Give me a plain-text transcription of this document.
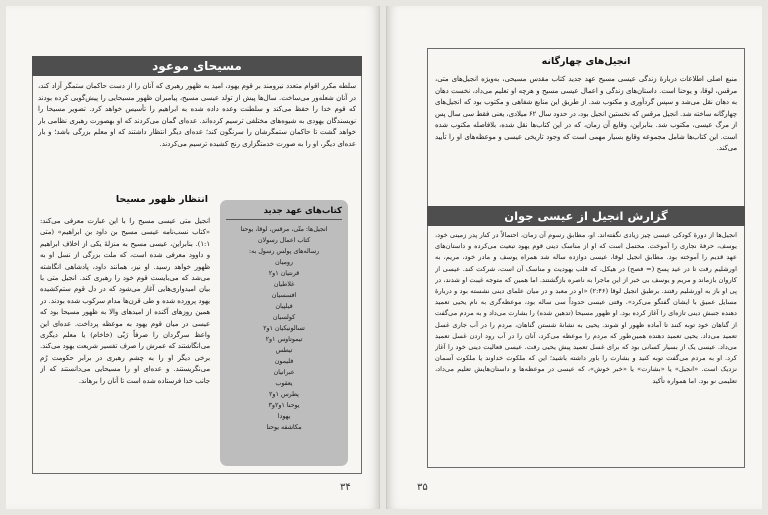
مسیحای موعود
سلطه مکرر اقوام متعدد نیرومند بر قوم یهود، امید به ظهور رهبری که آنان را از دست حاکمان ستمگر آزاد کند، در آنان شعله‌ور می‌ساخت. سال‌ها پیش از تولد عیسی مسیح، پیامبران ظهور مسیحایی را پیش‌گویی کرده بودند که قوم خدا را حفظ می‌کند و سلطنت وعده داده شده به ابراهیم را تأسیس خواهد کرد. تصویر مسیحا را نویسندگان یهودی به شیوه‌های مختلفی ترسیم کرده‌اند. عده‌ای گمان می‌کردند که او بهصورت رهبری نظامی بار خواهد گشت تا حاکمان ستمگرشان را سرنگون کند؛ عده‌ای دیگر انتظار داشتند که او معلم بزرگی باشد؛ و بار عده‌ای دیگر، او را به صورت خدمتگزاری رنج کشیده ترسیم می‌کردند.
انتظار ظهور مسیحا
انجیل متی عیسی مسیح را با این عبارت معرفی می‌کند: «کتاب نسب‌نامه عیسی مسیح بن داود بن ابراهیم» (متی ۱:۱). بنابراین، عیسی مسیح به منزلهٔ یکی از اخلاف ابراهیم و داوود معرفی شده است، که ملت بزرگی از نسل او به ظهور خواهد رسید. او نیز، همانند داود، پادشاهی انگاشته می‌شد که می‌بایست قوم خود را رهبری کند. انجیل متی با بیان امیدواری‌هایی آغاز می‌شود که در دل قوم ستم‌کشیده یهود پرورده شده و طی قرن‌ها مدام سرکوب شده بودند. در همین روزهای آکنده از امیدهای والا به ظهور مسیحا بود که عیسی در میان قوم یهود به موعظه پرداخت. عده‌ای این واعظ سرگردان را صرفاً رَبّی (خاخام) یا معلم دیگری می‌انگاشتند که عمرش را صرف تفسیر شریعت یهود می‌کند. برخی دیگر او را به چشم رهبری در برابر حکومت رُم می‌نگریستند. و عده‌ای او را مسیحایی می‌دانستند که از جانب خدا فرستاده شده است تا آنان را برهاند.
کتاب‌های عهد جدید
انجیل‌ها: متّی، مرقس، لوقا، یوحنا
کتاب اعمال رسولان
رساله‌های پولس رسول به:
رومیان
قرنتیان ۱و۲
غلاطیان
افسسیان
فیلپیان
کولسیان
تسالونیکیان ۱و۲
تیموتاوس ۱و۲
تیطس
فلیمون
عبرانیان
یعقوب
پطرس ۱و۲
یوحنا ۱و۲و۳
یهودا
مکاشفه یوحنا
۳۴
انجیل‌های چهارگانه
منبع اصلی اطلاعات دربارهٔ زندگی عیسی مسیح عهد جدید کتاب مقدس مسیحی، به‌ویژه انجیل‌های متی، مرقس، لوقا، و یوحنا است. داستان‌های زندگی و اعمال عیسی مسیح و هرچه او تعلیم می‌داد، نخست دهان به دهان نقل می‌شد و سپس گردآوری و مکتوب شد. از طریق این منابع شفاهی و مکتوب بود که انجیل‌های چهارگانه ساخته شد. انجیل مرقس که نخستین انجیل بود، در حدود سال ۶۲ میلادی، یعنی فقط سی سال پس از مرگ عیسی، مکتوب شد. بنابراین، وقایع آن زمان، که در این کتاب‌ها نقل شده، بلافاصله مکتوب شده است. این کتاب‌ها شامل مجموعه وقایع بسیار مهمی است که وجود تاریخی عیسی و موعظه‌های او را تأیید می‌کند.
گزارش انجیل از عیسی جوان
انجیل‌ها از دورهٔ کودکی عیسی چیز زیادی نگفته‌اند. او، مطابق رسوم آن زمان، احتمالاً در کنار پدر زمینی خود، یوسف، حرفهٔ نجاری را آموخت. محتمل است که او از مناسک دینی قوم یهود تبعیت می‌کرده و داستان‌های عهد قدیم را آموخته بود. مطابق انجیل لوقا، عیسی دوازده ساله شد همراه یوسف و مادر خود، مریم، به اورشلیم رفت تا در عید پسح (= فصح) در هیکل، که قلب یهودیت و مناسک آن است، شرکت کند. عیسی از کاروان بازماند و مریم و یوسف بی خبر از این ماجرا به ناصره بازگشتند. اما همین که متوجه غیبت او شدند، در پی او باز به اورشلیم رفتند. برطبق انجیل لوقا (۲:۴۶) «او در معبد و در میان علمای دینی نشسته بود و دربارهٔ مسایل عمیق با ایشان گفتگو می‌کرد». وقتی عیسی حدوداً سی ساله بود، موعظه‌گری به نام یحیی تعمید دهنده جنبش دینی تازه‌ای را آغاز کرده بود. او ظهور مسیحا (تدهین شده) را بشارت می‌داد و به مردم می‌گفت از گناهان خود توبه کنند تا آماده ظهور او شوند. یحیی به نشانهٔ شستن گناهان، مردم را در آب جاری غسل تعمید می‌داد. یحیی تعمید دهنده همین‌طور که مردم را موعظه می‌کرد، آنان را در آب رود اردن غسل تعمید می‌داد. عیسی یک از بسیار کسانی بود که برای غسل تعمید پیش یحیی رفت. عیسی فعالیت دینی خود را آغاز کرد. او به مردم می‌گفت توبه کنید و بشارت را باور داشته باشید؛ این که ملکوت خداوند یا ملکوت آسمان نزدیک است. «انجیل» یا «بشارت» یا «خبر خوش»، که عیسی در موعظه‌ها و داستان‌هایش تعلیم می‌داد، تعلیمی نو بود. اما همواره تأکید
۳۵
